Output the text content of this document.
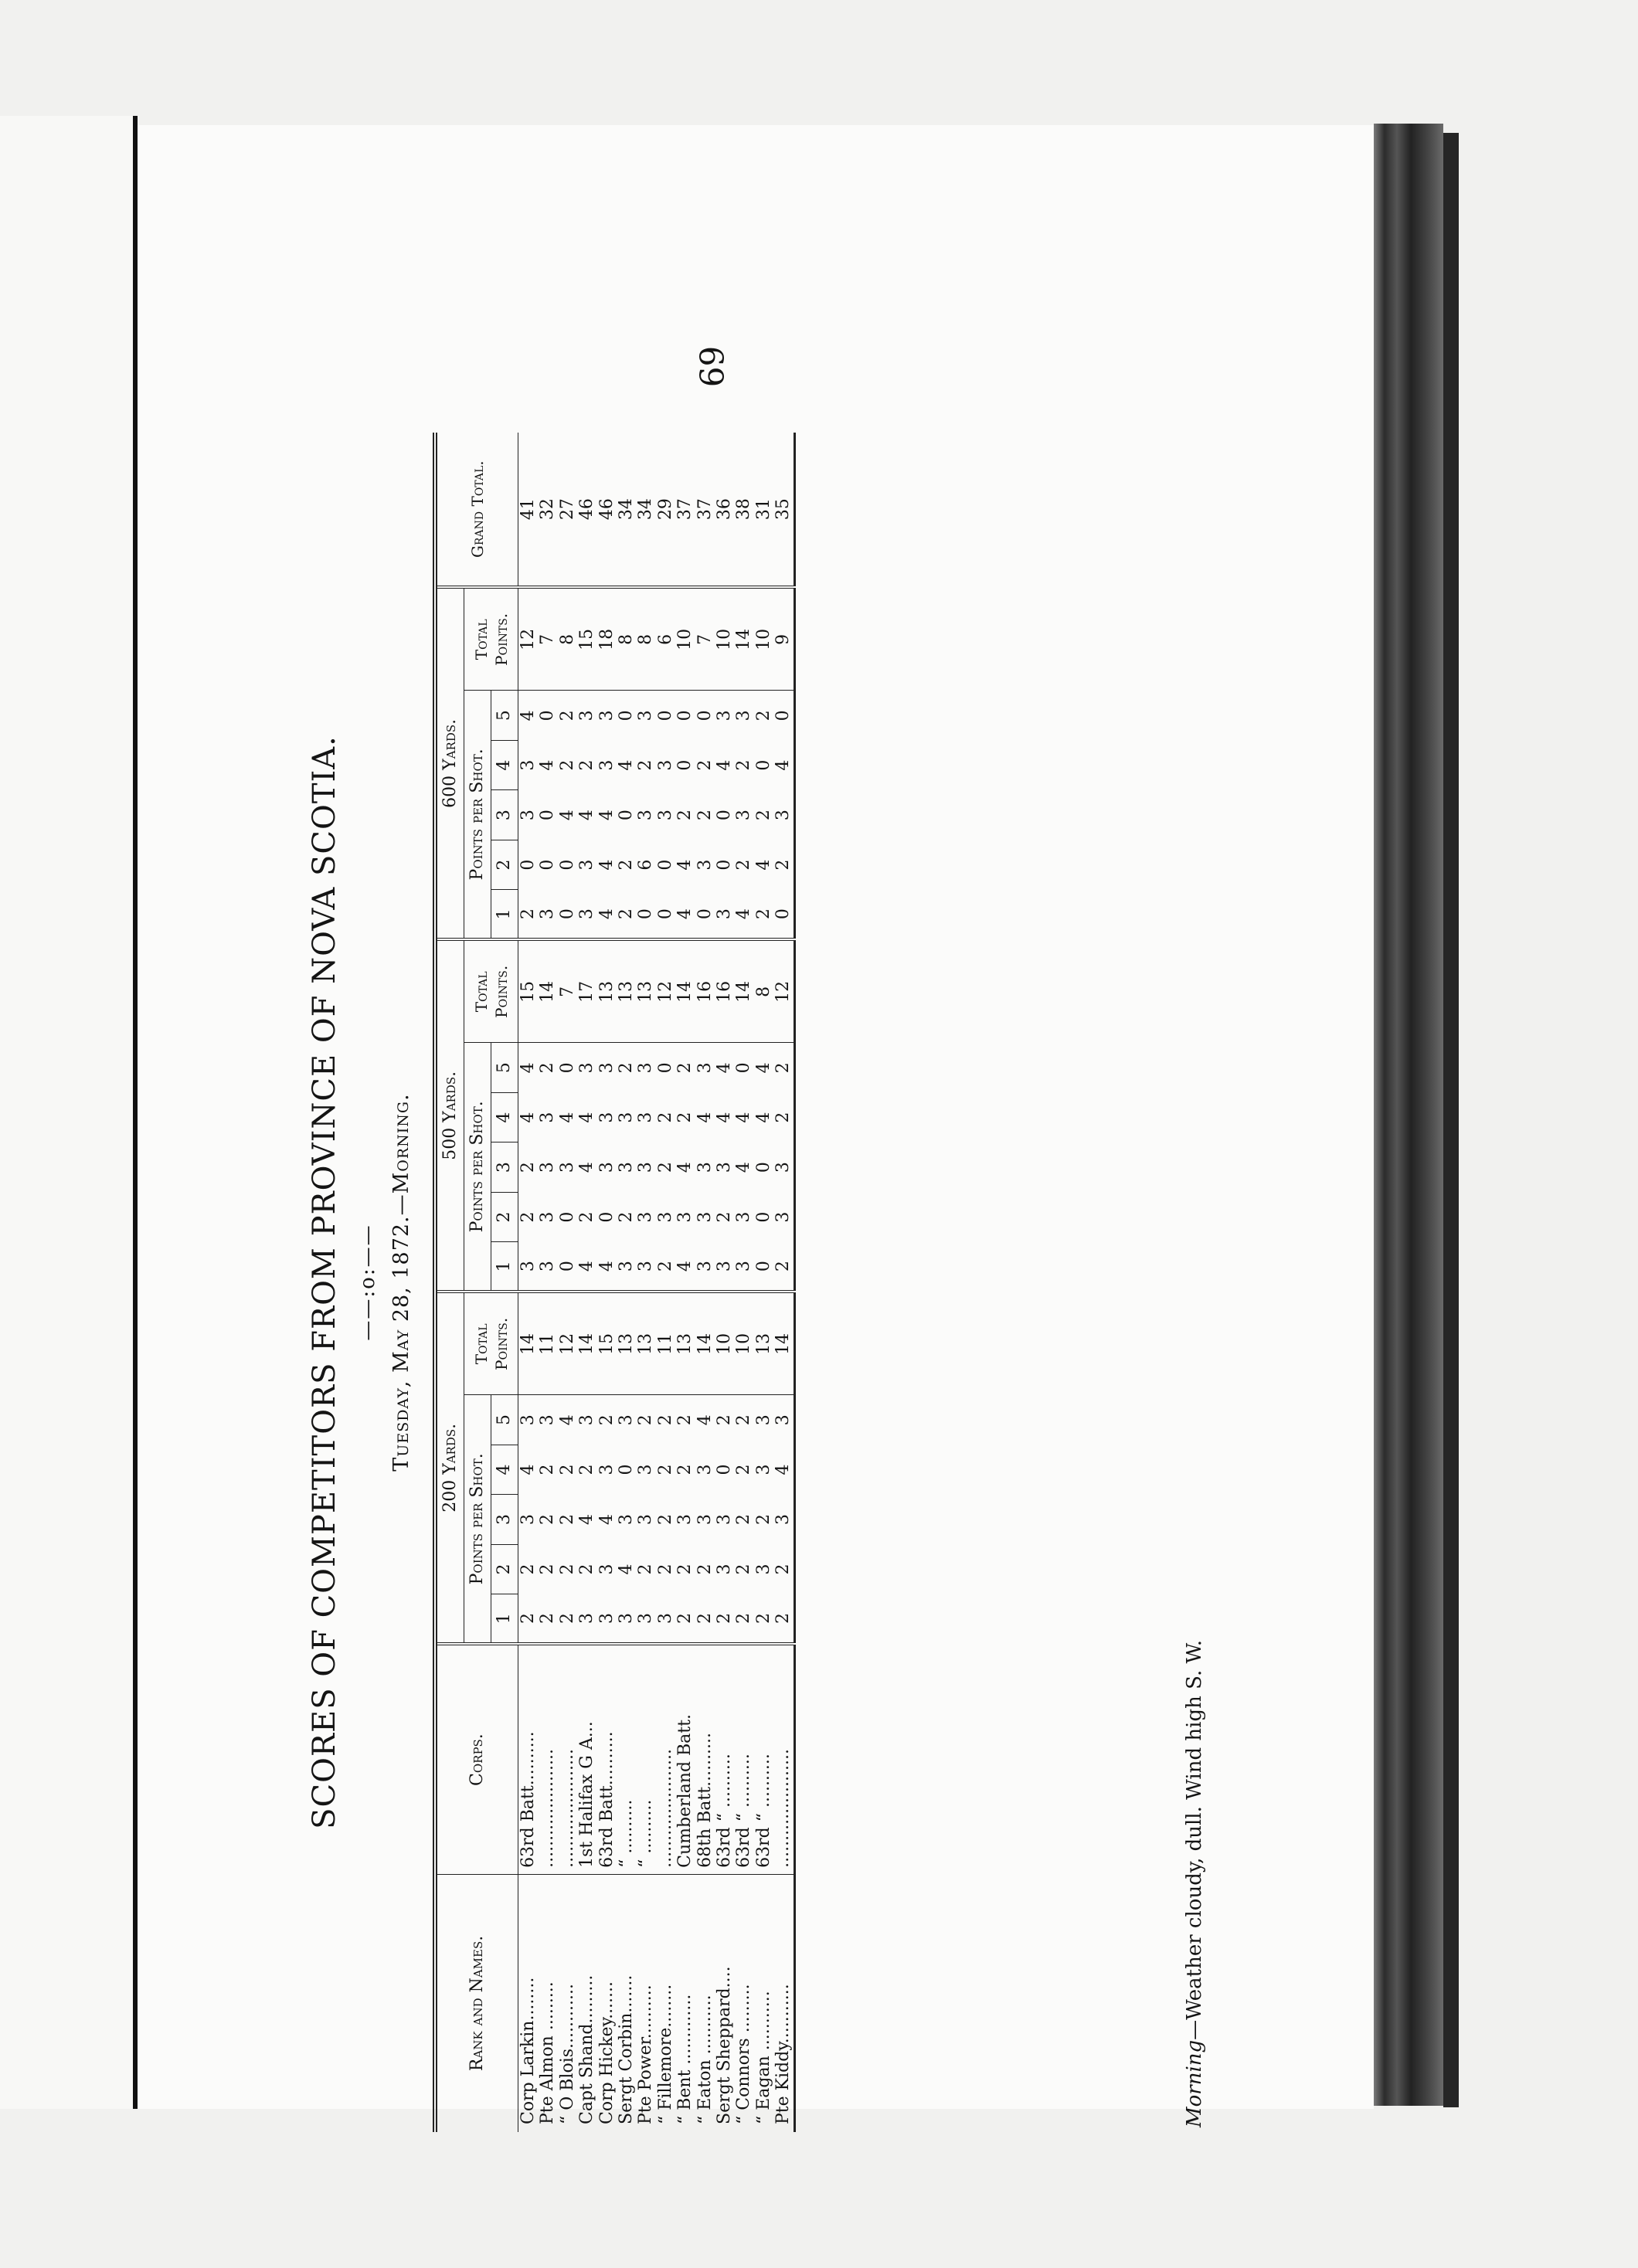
69
SCORES OF COMPETITORS FROM PROVINCE OF NOVA SCOTIA. ——:o:—— Tuesday, May 28, 1872.—Morning.
Rank and Names.	Corps.	200 Yards.						500 Yards.						600 Yards.						Grand Total.
		Points per Shot.					Total Points.	Points per Shot.					Total Points.	Points per Shot.					Total Points.	
		1	2	3	4	5		1	2	3	4	5		1	2	3	4	5		
Corp Larkin........	63rd Batt..........	2	2	3	4	3	14	3	2	2	4	4	15	2	0	3	3	4	12	41
Pte Almon .........	......................	2	2	2	2	3	11	3	3	3	3	2	14	3	0	0	4	0	7	32
“ O Blois............	......................	2	2	2	2	4	12	0	0	3	4	0	7	0	0	4	2	2	8	27
Capt Shand.........	1st Halifax G A...	3	2	4	2	3	14	4	2	4	4	3	17	3	3	4	2	3	15	46
Corp Hickey.......	63rd Batt..........	3	3	4	3	2	15	4	0	3	3	3	13	4	4	4	3	3	18	46
Sergt Corbin.......	“ ..........	3	4	3	0	3	13	3	2	3	3	2	13	2	2	0	4	0	8	34
Pte Power..........	“ ..........	3	2	3	3	2	13	3	3	3	3	3	13	0	6	3	2	3	8	34
“ Fillemore........	......................	3	2	2	2	2	11	2	3	2	2	0	12	0	0	3	3	0	6	29
“ Bent .............	Cumberland Batt.	2	2	3	2	2	13	4	3	4	2	2	14	4	4	2	0	0	10	37
“ Eaton ...........	68th Batt..........	2	2	3	3	4	14	3	3	3	4	3	16	0	3	2	2	0	7	37
Sergt Sheppard....	63rd “ ..........	2	3	3	0	2	10	3	2	3	4	4	16	3	0	0	4	3	10	36
“ Connors .........	63rd “ ..........	2	2	2	2	2	10	3	3	4	4	0	14	4	2	3	2	3	14	38
“ Eagan ...........	63rd “ ..........	2	3	2	3	3	13	0	0	0	4	4	8	2	4	2	0	2	10	31
Pte Kiddy...........	......................	2	2	3	4	3	14	2	3	3	2	2	12	0	2	3	4	0	9	35
Morning—Weather cloudy, dull. Wind high S. W.
